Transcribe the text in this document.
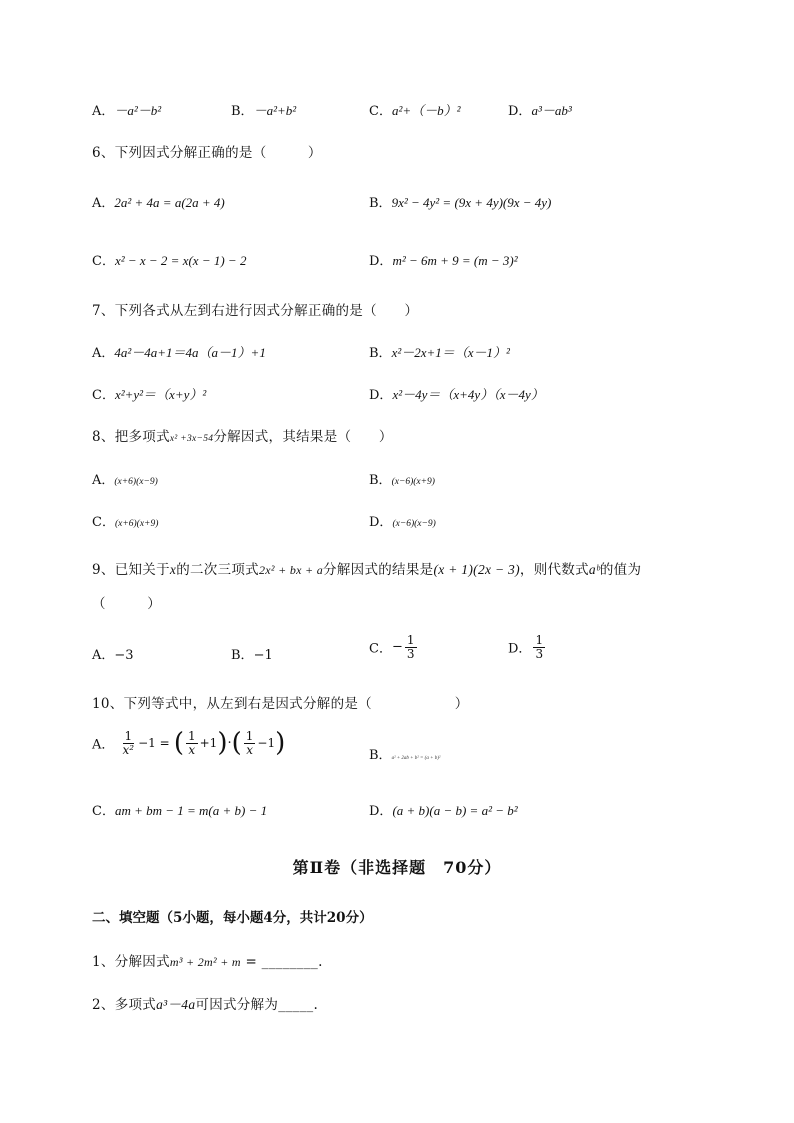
A．－a²－b²	B．－a²+b²	C．a²+（－b）²	D．a³－ab³
6、下列因式分解正确的是（　　　）
A．2a² + 4a = a(2a + 4)	B．9x² − 4y² = (9x + 4y)(9x − 4y)
C．x² − x − 2 = x(x − 1) − 2	D．m² − 6m + 9 = (m − 3)²
7、下列各式从左到右进行因式分解正确的是（　　）
A．4a²－4a+1＝4a（a－1）+1	B．x²－2x+1＝（x－1）²
C．x²+y²＝（x+y）²	D．x²－4y＝（x+4y）（x－4y）
8、把多项式x² +3x−54分解因式，其结果是（　　）
A．(x+6)(x−9)	B．(x−6)(x+9)
C．(x+6)(x+9)	D．(x−6)(x−9)
9、已知关于x的二次三项式2x² + bx + a分解因式的结果是(x + 1)(2x − 3)，则代数式aᵇ的值为
（　　　）
A．−3	B．−1	C．− $\frac{1}{3}$	D． $\frac{1}{3}$
10、下列等式中，从左到右是因式分解的是（　　　　　　）
A． $\frac{1}{\text{x²}} -1$ = ( $\frac{1}{x} +1)\cdot( \frac{1}{x} -1)$	B．a² + 2ab + b² = (a + b)²
C．am + bm − 1 = m(a + b) − 1	D．(a + b)(a − b) = a² − b²
第Ⅱ卷（非选择题　70分）
二、填空题（5小题，每小题4分，共计20分）
1、分解因式m³ + 2m² + m = ________.
2、多项式a³－4a可因式分解为_____.
